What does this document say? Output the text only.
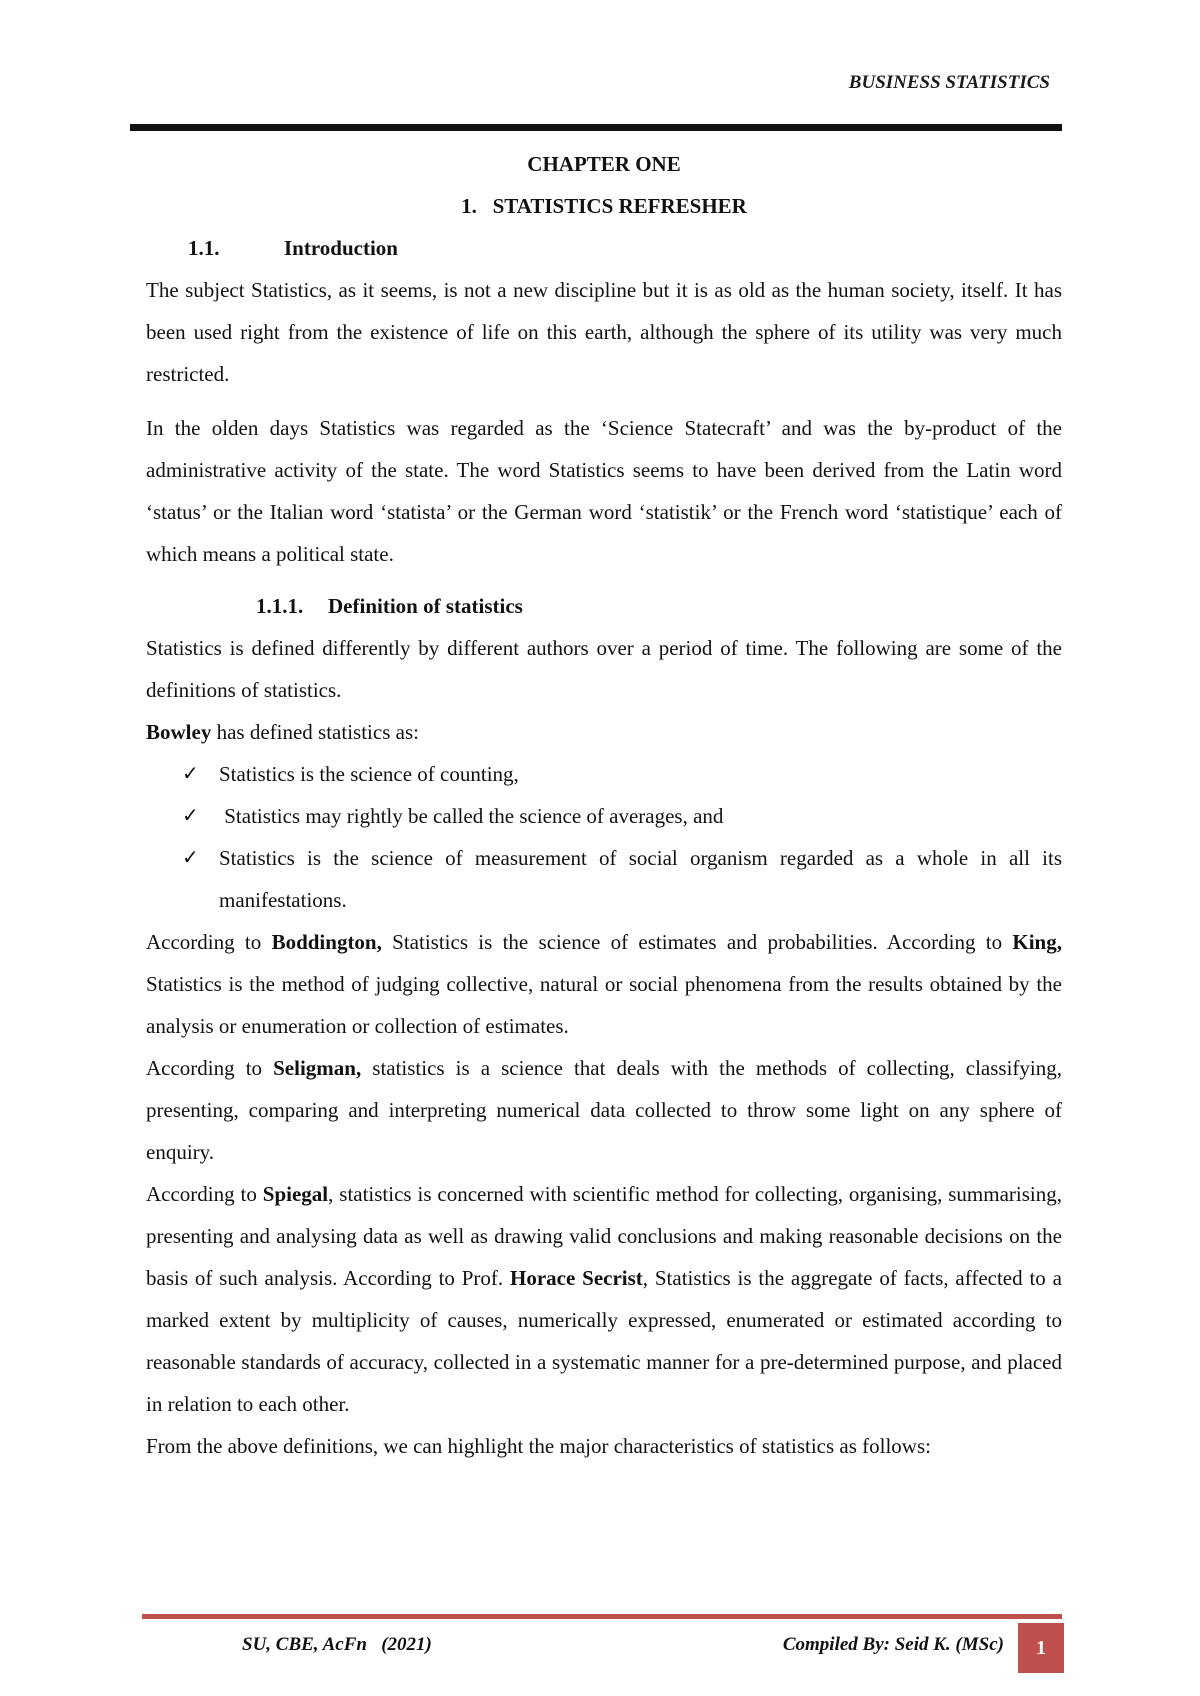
BUSINESS STATISTICS
CHAPTER ONE
1.   STATISTICS REFRESHER
1.1.	Introduction

The subject Statistics, as it seems, is not a new discipline but it is as old as the human society, itself. It has been used right from the existence of life on this earth, although the sphere of its utility was very much restricted.

In the olden days Statistics was regarded as the ‘Science Statecraft’ and was the by-product of the administrative activity of the state. The word Statistics seems to have been derived from the Latin word ‘status’ or the Italian word ‘statista’ or the German word ‘statistik’ or the French word ‘statistique’ each of which means a political state.

1.1.1. Definition of statistics

Statistics is defined differently by different authors over a period of time. The following are some of the definitions of statistics.

Bowley has defined statistics as:

✓ Statistics is the science of counting,
✓ Statistics may rightly be called the science of averages, and
✓ Statistics is the science of measurement of social organism regarded as a whole in all its manifestations.

According to Boddington, Statistics is the science of estimates and probabilities. According to King, Statistics is the method of judging collective, natural or social phenomena from the results obtained by the analysis or enumeration or collection of estimates.

According to Seligman, statistics is a science that deals with the methods of collecting, classifying, presenting, comparing and interpreting numerical data collected to throw some light on any sphere of enquiry.

According to Spiegal, statistics is concerned with scientific method for collecting, organising, summarising, presenting and analysing data as well as drawing valid conclusions and making reasonable decisions on the basis of such analysis. According to Prof. Horace Secrist, Statistics is the aggregate of facts, affected to a marked extent by multiplicity of causes, numerically expressed, enumerated or estimated according to reasonable standards of accuracy, collected in a systematic manner for a pre-determined purpose, and placed in relation to each other.

From the above definitions, we can highlight the major characteristics of statistics as follows:

SU, CBE, AcFn   (2021)	Compiled By: Seid K. (MSc)	1
